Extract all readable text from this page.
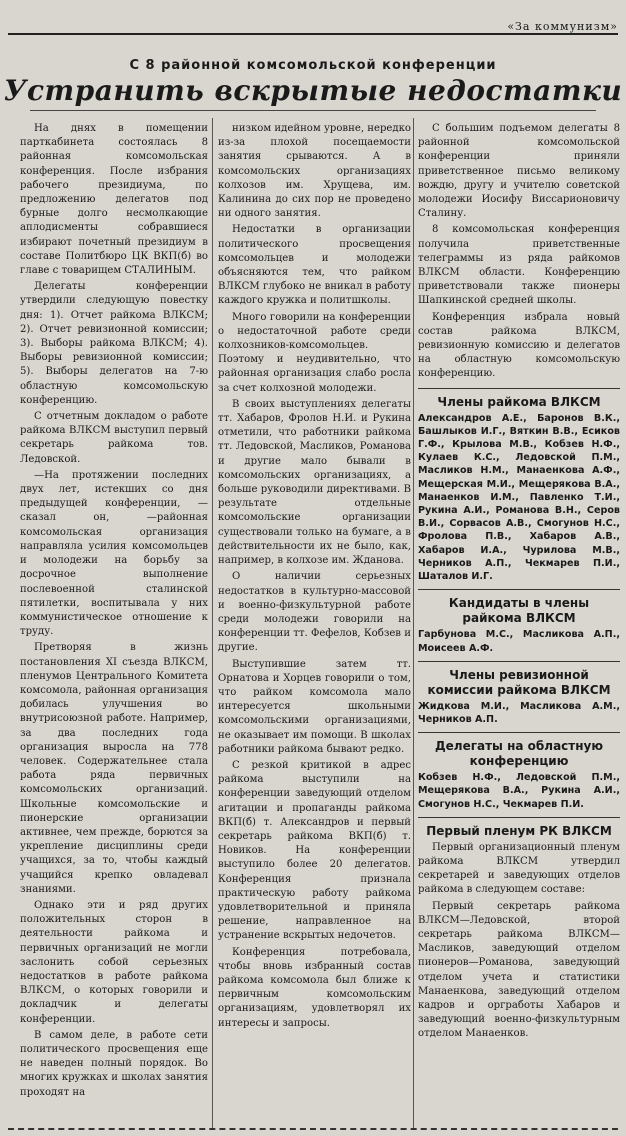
«За коммунизм»
С 8 районной комсомольской конференции
Устранить вскрытые недостатки

На днях в помещении парткабинета состоялась 8 районная комсомольская конференция. После избрания рабочего президиума, по предложению делегатов под бурные долго несмолкающие аплодисменты собравшиеся избирают почетный президиум в составе Политбюро ЦК ВКП(б) во главе с товарищем СТАЛИНЫМ.

Делегаты конференции утвердили следующую повестку дня: 1). Отчет райкома ВЛКСМ; 2). Отчет ревизионной комиссии; 3). Выборы райкома ВЛКСМ; 4). Выборы ревизионной комиссии; 5). Выборы делегатов на 7-ю областную комсомольскую конференцию.

С отчетным докладом о работе райкома ВЛКСМ выступил первый секретарь райкома тов. Ледовской.

—На протяжении последних двух лет, истекших со дня предыдущей конференции, —сказал он, —районная комсомольская организация направляла усилия комсомольцев и молодежи на борьбу за досрочное выполнение послевоенной сталинской пятилетки, воспитывала у них коммунистическое отношение к труду.

Претворяя в жизнь постановления XI съезда ВЛКСМ, пленумов Центрального Комитета комсомола, районная организация добилась улучшения во внутрисоюзной работе. Например, за два последних года организация выросла на 778 человек. Содержательнее стала работа ряда первичных комсомольских организаций. Школьные комсомольские и пионерские организации активнее, чем прежде, борются за укрепление дисциплины среди учащихся, за то, чтобы каждый учащийся крепко овладевал знаниями.

Однако эти и ряд других положительных сторон в деятельности райкома и первичных организаций не могли заслонить собой серьезных недостатков в работе райкома ВЛКСМ, о которых говорили и докладчик и делегаты конференции.

В самом деле, в работе сети политического просвещения еще не наведен полный порядок. Во многих кружках и школах занятия проходят на

низком идейном уровне, нередко из-за плохой посещаемости занятия срываются. А в комсомольских организациях колхозов им. Хрущева, им. Калинина до сих пор не проведено ни одного занятия.

Недостатки в организации политического просвещения комсомольцев и молодежи объясняются тем, что райком ВЛКСМ глубоко не вникал в работу каждого кружка и политшколы.

Много говорили на конференции о недостаточной работе среди колхозников-комсомольцев. Поэтому и неудивительно, что районная организация слабо росла за счет колхозной молодежи.

В своих выступлениях делегаты тт. Хабаров, Фролов Н.И. и Рукина отметили, что работники райкома тт. Ледовской, Масликов, Романова и другие мало бывали в комсомольских организациях, а больше руководили директивами. В результате отдельные комсомольские организации существовали только на бумаге, а в действительности их не было, как, например, в колхозе им. Жданова.

О наличии серьезных недостатков в культурно-массовой и военно-физкультурной работе среди молодежи говорили на конференции тт. Фефелов, Кобзев и другие.

Выступившие затем тт. Орнатова и Хорцев говорили о том, что райком комсомола мало интересуется школьными комсомольскими организациями, не оказывает им помощи. В школах работники райкома бывают редко.

С резкой критикой в адрес райкома выступили на конференции заведующий отделом агитации и пропаганды райкома ВКП(б) т. Александров и первый секретарь райкома ВКП(б) т. Новиков. На конференции выступило более 20 делегатов. Конференция признала практическую работу райкома удовлетворительной и приняла решение, направленное на устранение вскрытых недочетов.

Конференция потребовала, чтобы вновь избранный состав райкома комсомола был ближе к первичным комсомольским организациям, удовлетворял их интересы и запросы.

С большим подъемом делегаты 8 районной комсомольской конференции приняли приветственное письмо великому вождю, другу и учителю советской молодежи Иосифу Виссарионовичу Сталину.

8 комсомольская конференция получила приветственные телеграммы из ряда райкомов ВЛКСМ области. Конференцию приветствовали также пионеры Шапкинской средней школы.

Конференция избрала новый состав райкома ВЛКСМ, ревизионную комиссию и делегатов на областную комсомольскую конференцию.

Члены райкома ВЛКСМ

Александров А.Е., Баронов В.К., Башлыков И.Г., Вяткин В.В., Есиков Г.Ф., Крылова М.В., Кобзев Н.Ф., Кулаев К.С., Ледовской П.М., Масликов Н.М., Манаенкова А.Ф., Мещерская М.И., Мещерякова В.А., Манаенков И.М., Павленко Т.И., Рукина А.И., Романова В.Н., Серов В.И., Сорвасов А.В., Смогунов Н.С., Фролова П.В., Хабаров А.В., Хабаров И.А., Чурилова М.В., Черников А.П., Чекмарев П.И., Шаталов И.Г.

Кандидаты в члены райкома ВЛКСМ

Гарбунова М.С., Масликова А.П., Моисеев А.Ф.

Члены ревизионной комиссии райкома ВЛКСМ

Жидкова М.И., Масликова А.М., Черников А.П.

Делегаты на областную конференцию

Кобзев Н.Ф., Ледовской П.М., Мещерякова В.А., Рукина А.И., Смогунов Н.С., Чекмарев П.И.

Первый пленум РК ВЛКСМ

Первый организационный пленум райкома ВЛКСМ утвердил секретарей и заведующих отделов райкома в следующем составе:

Первый секретарь райкома ВЛКСМ—Ледовской, второй секретарь райкома ВЛКСМ—Масликов, заведующий отделом пионеров—Романова, заведующий отделом учета и статистики Манаенкова, заведующий отделом кадров и оргработы Хабаров и заведующий военно-физкультурным отделом Манаенков.
